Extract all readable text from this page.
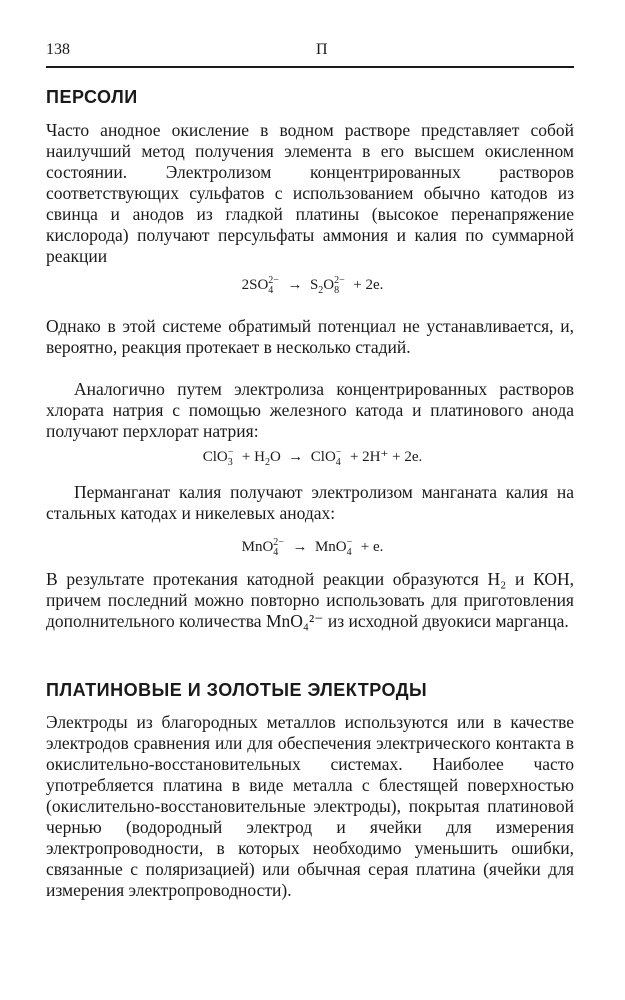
138	П
ПЕРСОЛИ

Часто анодное окисление в водном растворе представляет собой наилучший метод получения элемента в его высшем окисленном состоянии. Электролизом концентрированных растворов соответствующих сульфатов с использованием обычно катодов из свинца и анодов из гладкой платины (высокое перенапряжение кислорода) получают персульфаты аммония и калия по суммарной реакции

2SO 2−
$4 \to S_2O$ 2−
8 + 2e.

Однако в этой системе обратимый потенциал не устанавливается, и, вероятно, реакция протекает в несколько стадий.

Аналогично путем электролиза концентрированных растворов хлората натрия с помощью железного катода и платинового анода получают перхлорат натрия:

ClO −
$3 + H_2O$ → ClO −
4 + 2H⁺ + 2e.

Перманганат калия получают электролизом манганата калия на стальных катодах и никелевых анодах:

MnO 2−
4 → MnO −
4 + e.

В результате протекания катодной реакции образуются Н₂ и КОН, причем последний можно повторно использовать для приготовления дополнительного количества MnO₄²⁻ из исходной двуокиси марганца.

ПЛАТИНОВЫЕ И ЗОЛОТЫЕ ЭЛЕКТРОДЫ

Электроды из благородных металлов используются или в качестве электродов сравнения или для обеспечения электрического контакта в окислительно-восстановительных системах. Наиболее часто употребляется платина в виде металла с блестящей поверхностью (окислительно-восстановительные электроды), покрытая платиновой чернью (водородный электрод и ячейки для измерения электропроводности, в которых необходимо уменьшить ошибки, связанные с поляризацией) или обычная серая платина (ячейки для измерения электропроводности).
